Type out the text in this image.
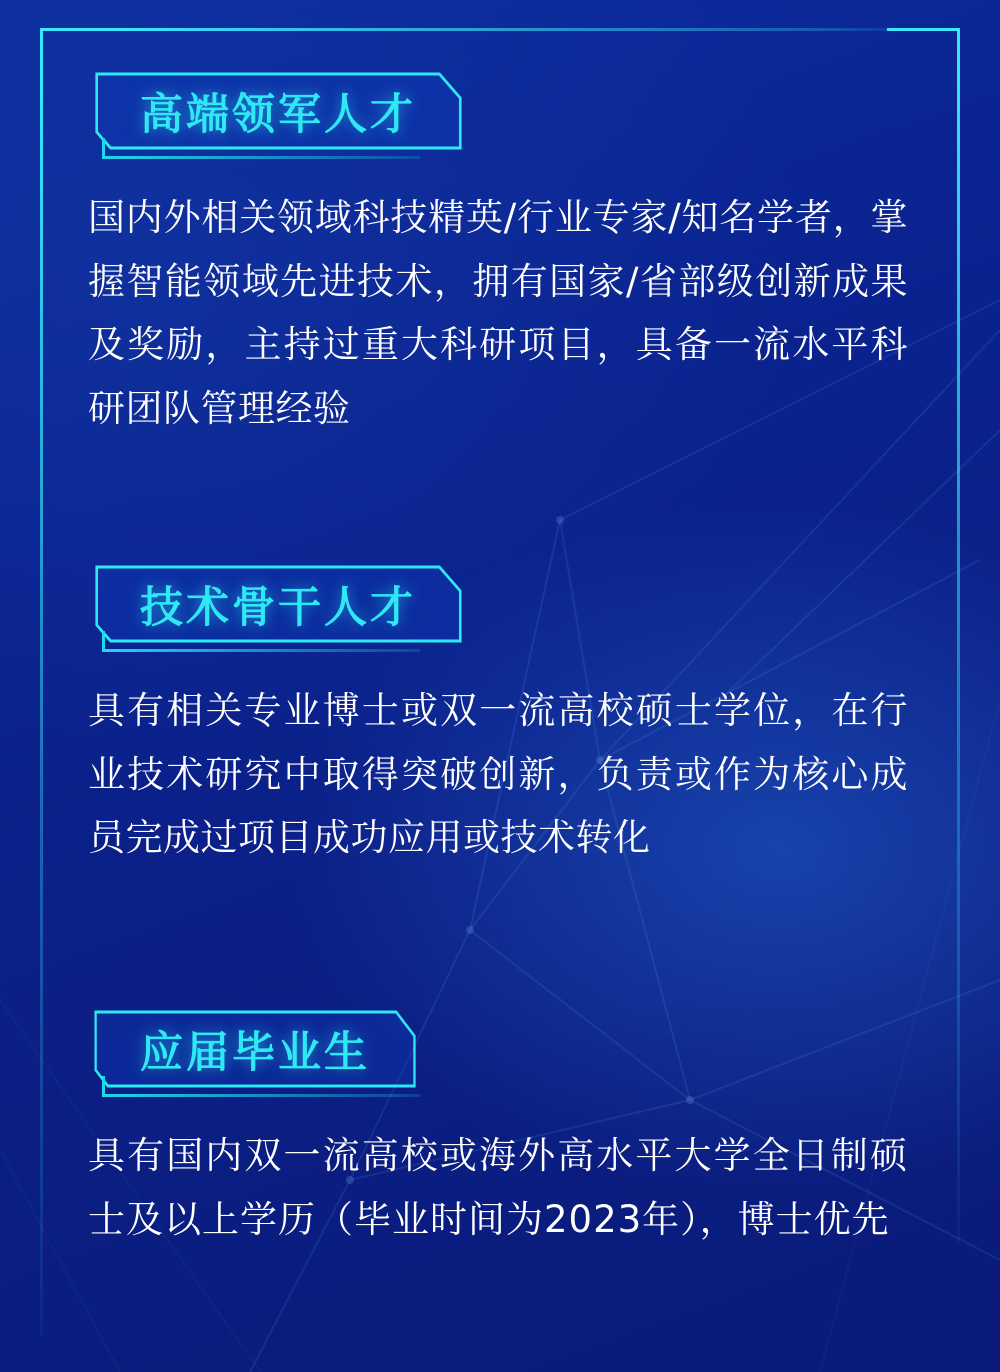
高端领军人才

国内外相关领域科技精英/行业专家/知名学者，掌握智能领域先进技术，拥有国家/省部级创新成果及奖励，主持过重大科研项目，具备一流水平科研团队管理经验

技术骨干人才

具有相关专业博士或双一流高校硕士学位，在行业技术研究中取得突破创新，负责或作为核心成员完成过项目成功应用或技术转化

应届毕业生

具有国内双一流高校或海外高水平大学全日制硕士及以上学历（毕业时间为2023年），博士优先
